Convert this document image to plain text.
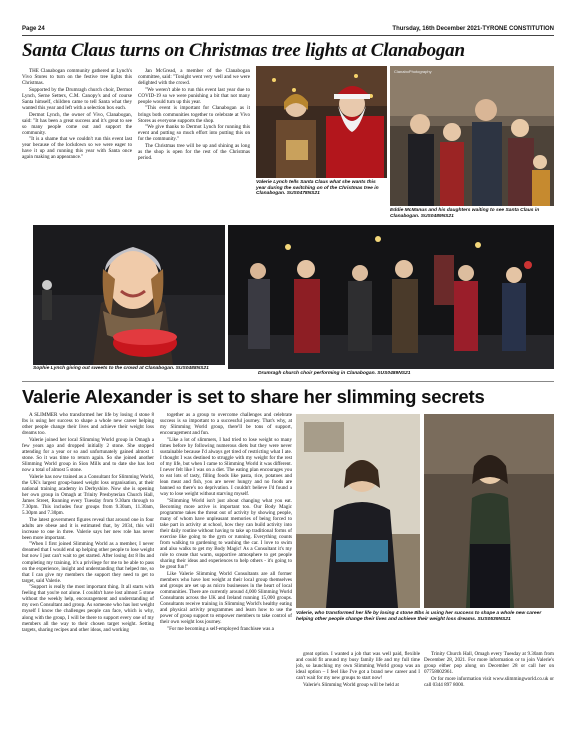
Page 24	Thursday, 16th December 2021-TYRONE CONSTITUTION
Santa Claus turns on Christmas tree lights at Clanabogan

THE Clanabogan community gathered at Lynch's Vivo Stores to turn on the festive tree lights this Christmas.

Supported by the Drumragh church choir, Dermot Lynch, Serne Setters, C.M. Canopy's and of course Santa himself, children came to tell Santa what they wanted this year and left with a selection box each.

Dermot Lynch, the owner of Vivo, Clanabogan, said: "It has been a great success and it's great to see so many people come out and support the community.

"It is a shame that we couldn't run this event last year because of the lockdown so we were eager to have it up and running this year with Santa once again making an appearance."

Jan McGread, a member of the Clanabogan committee, said: "Tonight went very well and we were delighted with the crowd.

"We weren't able to run this event last year due to COVID-19 so we were punishing a bit that not many people would turn up this year.

"This event is important for Clanabogan as it brings both communities together to celebrate at Vivo Stores as everyone supports the shop.

"We give thanks to Dermot Lynch for running this event and putting so much effort into putting this on for the community."

The Christmas tree will be up and shining as long as the shop is open for the rest of the Christmas period.

Valerie Lynch tells Santa Claus what she wants this year during the switching on of the Christmas tree in Clanabogan. SUS0478NS21
ClanaboPhotography
Eddie McManus and his daughters waiting to see Santa Claus in Clanabogan. SUS0489NS21
Sophie Lynch giving out sweets to the crowd at Clanabogan. SUS0488NS21
Drumragh church choir performing in Clanabogan. SUS0489NS21
Valerie Alexander is set to share her slimming secrets

A SLIMMER who transformed her life by losing 4 stone 8 lbs is using her success to shape a whole new career helping other people change their lives and achieve their weight loss dreams too.

Valerie joined her local Slimming World group in Omagh a few years ago and dropped initially 2 stone. She stopped attending for a year or so and unfortunately gained almost 1 stone. So it was time to return again. So she joined another Slimming World group in Sion Mills and to date she has lost now a total of almost 5 stone.

Valerie has now trained as a Consultant for Slimming World, the UK's largest group-based weight loss organisation, at their national training academy in Derbyshire. Now she is opening her own group in Omagh at Trinity Presbyterian Church Hall, James Street, Running every Tuesday from 9.30am through to 7.30pm. This includes four groups from 9.30am, 11.30am, 5.30pm and 7.30pm.

The latest government figures reveal that around one in four adults are obese and it is estimated that, by 2034, this will increase to one in three. Valerie says her new role has never been more important.

"When I first joined Slimming World as a member, I never dreamed that I would end up helping other people to lose weight but now I just can't wait to get started. After losing 4st 8 lbs and completing my training, it's a privilege for me to be able to pass on the experience, insight and understanding that helped me, so that I can give my members the support they need to get to target, said Valerie.

"Support is really the most important thing. It all starts with feeling that you're not alone. I couldn't have lost almost 5 stone without the weekly help, encouragement and understanding of my own Consultant and group. As someone who has lost weight myself I know the challenges people can face, which is why, along with the group, I will be there to support every one of my members all the way to their chosen target weight. Setting targets, sharing recipes and other ideas, and working

together as a group to overcome challenges and celebrate success is so important to a successful journey. That's why, at my Slimming World group, there'll be tons of support, encouragement and fun.

"Like a lot of slimmers, I had tried to lose weight so many times before by following numerous diets but they were never sustainable because I'd always get tired of restricting what I ate. I thought I was destined to struggle with my weight for the rest of my life, but when I came to Slimming World it was different. I never felt like I was on a diet. The eating plan encourages you to eat lots of tasty, filling foods like pasta, rice, potatoes and lean meat and fish, you are never hungry and no foods are banned so there's no deprivation. I couldn't believe I'd found a way to lose weight without starving myself.

"Slimming World isn't just about changing what you eat. Becoming more active is important too. Our Body Magic programme takes the threat out of activity by showing people, many of whom have unpleasant memories of being forced to take part in activity at school, how they can build activity into their daily routine without having to take up traditional forms of exercise like going to the gym or running. Everything counts from walking to gardening to washing the car. I love to swim and also walks to get my Body Magic! As a Consultant it's my role to create that warm, supportive atmosphere to get people sharing their ideas and experiences to help others - it's going to be great fun!"

Like Valerie Slimming World Consultants are all former members who have lost weight at their local group themselves and groups are set up as micro businesses in the heart of local communities. There are currently around 4,000 Slimming World Consultants across the UK and Ireland running 15,000 groups. Consultants receive training in Slimming World's healthy eating and physical activity programmes and learn how to use the power of group support to empower members to take control of their own weight loss journey.

"For me becoming a self-employed franchisee was a

Valerie, who transformed her life by losing 4 stone 8lbs is using her success to shape a whole new career helping other people change their lives and achieve their weight loss dreams. SUS0539NS21

great option. I wanted a job that was well paid, flexible and could fit around my busy family life and my full time job, so launching my own Slimming World group was an ideal option – I feel like I've got a brand new career and I can't wait for my new groups to start now!

Valerie's Slimming World group will be held at

Trinity Church Hall, Omagh every Tuesday at 9.30am from December 28, 2021. For more information or to join Valerie's group either pop along on December 28 or call her on 07758002961.

Or for more information visit www.slimmingworld.co.uk or call 0344 897 8000.
